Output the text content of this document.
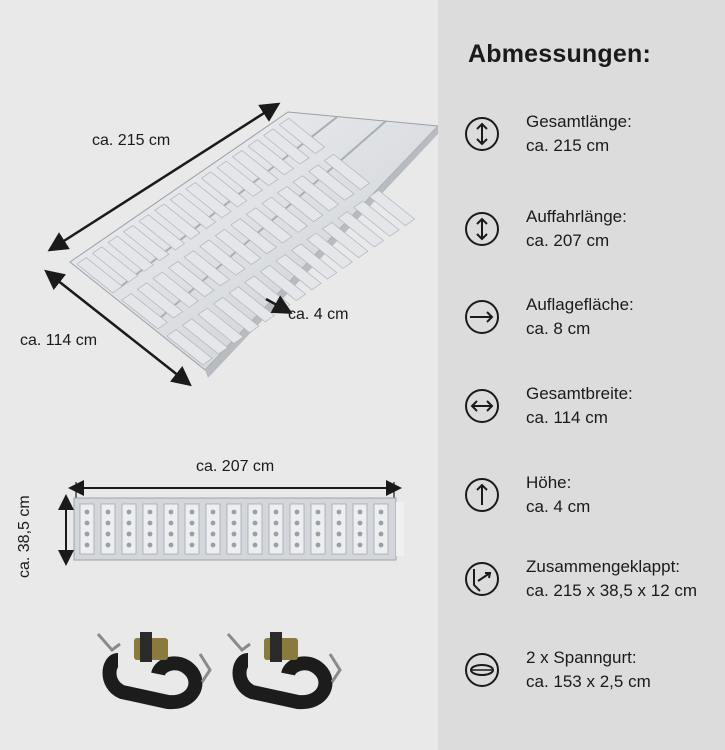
ca. 215 cm
ca. 114 cm
ca. 4 cm
ca. 207 cm
ca. 38,5 cm
Abmessungen:
Gesamtlänge:
ca. 215 cm
Auffahrlänge:
ca. 207 cm
Auflagefläche:
ca. 8 cm
Gesamtbreite:
ca. 114 cm
Höhe:
ca. 4 cm
Zusammengeklappt:
ca. 215 x 38,5 x 12 cm
2 x Spanngurt:
ca. 153 x 2,5 cm
